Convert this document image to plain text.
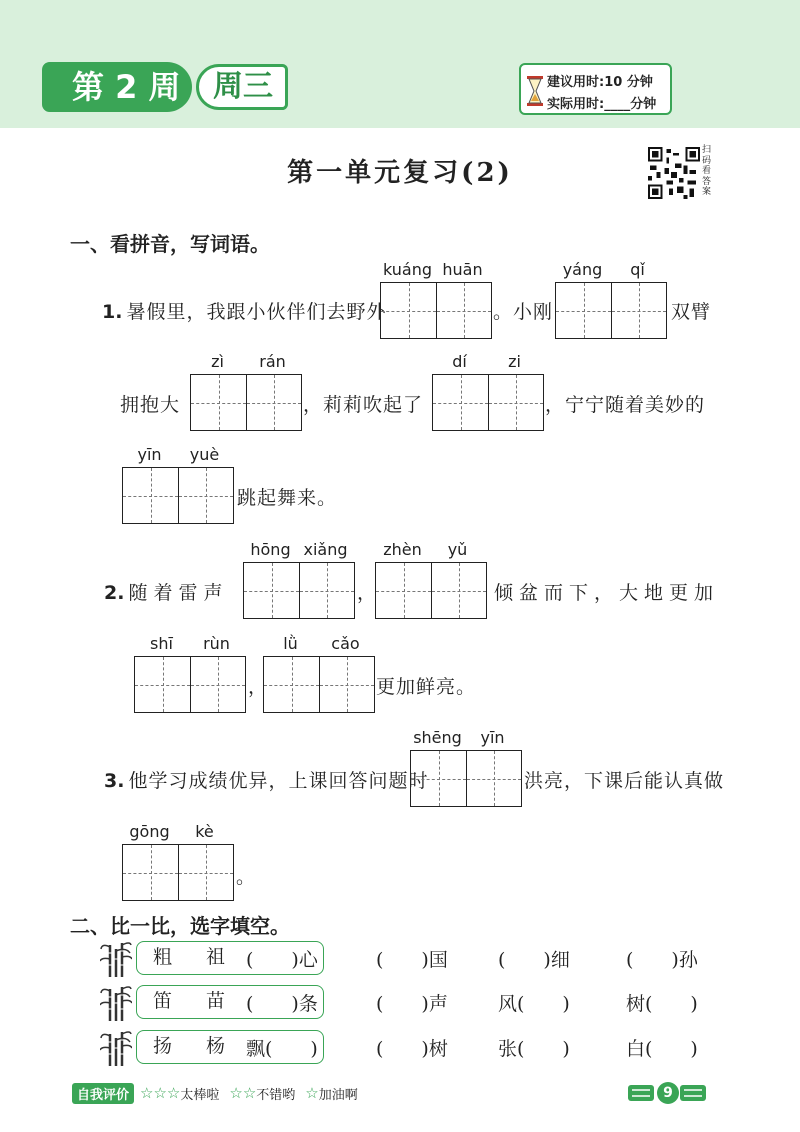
第 2 周	周三	建议用时:10 分钟
实际用时:____分钟
第一单元复习(2)
扫码看答案
一、看拼音，写词语。
1. 暑假里，我跟小伙伴们去野外
kuáng huān
。小刚
yáng	qǐ
双臂
拥抱大
zì	rán
，莉莉吹起了
dí	zi
，宁宁随着美妙的
yīn	yuè
跳起舞来。
2. 随着雷声
hōng xiǎng
，
zhèn	yǔ
倾盆而下，大地更加
shī	rùn
，
lǜ	cǎo
更加鲜亮。
3. 他学习成绩优异，上课回答问题时
shēng	yīn
洪亮，下课后能认真做
gōng	kè
。
二、比一比，选字填空。
粗 祖 (　　)心	(　　)国	(　　)细	(　　)孙
笛 苗 (　　)条	(　　)声	风(　　)	树(　　)
扬 杨 飘(　　)	(　　)树	张(　　)	白(　　)
自我评价 ☆☆☆ 太棒啦 ☆☆ 不错哟 ☆ 加油啊	9
